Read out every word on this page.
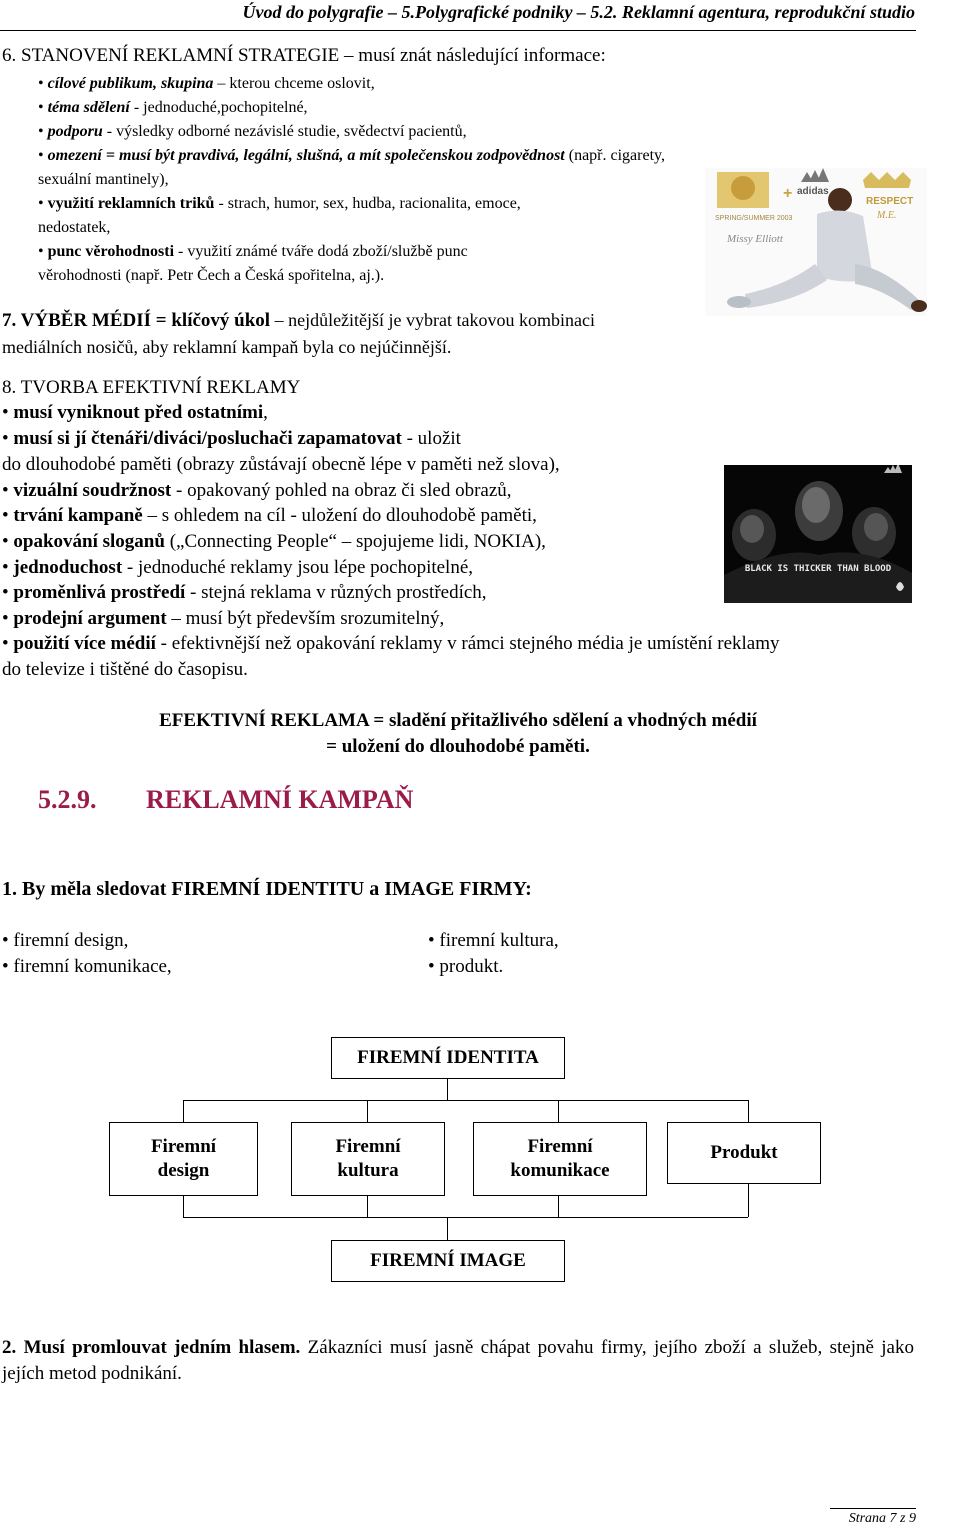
Úvod do polygrafie – 5.Polygrafické podniky – 5.2. Reklamní agentura, reprodukční studio
6. STANOVENÍ REKLAMNÍ STRATEGIE – musí znát následující informace:
• cílové publikum, skupina – kterou chceme oslovit,
• téma sdělení - jednoduché,pochopitelné,
• podporu - výsledky odborné nezávislé studie, svědectví pacientů,
• omezení = musí být pravdivá, legální, slušná, a mít společenskou zodpovědnost (např. cigarety,
sexuální mantinely),
• využití reklamních triků - strach, humor, sex, hudba, racionalita, emoce,
nedostatek,
• punc věrohodnosti - využití známé tváře dodá zboží/službě punc
věrohodnosti (např. Petr Čech a Česká spořitelna, aj.).
SPRING/SUMMER 2003
Missy Elliott
+ adidas
RESPECT
M.E.
7. VÝBĚR MÉDIÍ = klíčový úkol – nejdůležitější je vybrat takovou kombinaci
mediálních nosičů, aby reklamní kampaň byla co nejúčinnější.
8. TVORBA EFEKTIVNÍ REKLAMY
• musí vyniknout před ostatními,
• musí si jí čtenáři/diváci/posluchači zapamatovat - uložit
do dlouhodobé paměti (obrazy zůstávají obecně lépe v paměti než slova),
• vizuální soudržnost - opakovaný pohled na obraz či sled obrazů,
• trvání kampaně – s ohledem na cíl - uložení do dlouhodobě paměti,
• opakování sloganů („Connecting People“ – spojujeme lidi, NOKIA),
• jednoduchost - jednoduché reklamy jsou lépe pochopitelné,
• proměnlivá prostředí - stejná reklama v různých prostředích,
• prodejní argument – musí být především srozumitelný,
• použití více médií - efektivnější než opakování reklamy v rámci stejného média je umístění reklamy
do televize i tištěné do časopisu.
BLACK IS THICKER THAN BLOOD
EFEKTIVNÍ REKLAMA = sladění přitažlivého sdělení a vhodných médií
= uložení do dlouhodobé paměti.
5.2.9. REKLAMNÍ KAMPAŇ
1. By měla sledovat FIREMNÍ IDENTITU a IMAGE FIRMY:
• firemní design,
• firemní komunikace,
• firemní kultura,
• produkt.
FIREMNÍ IDENTITA
Firemní
design
Firemní
kultura
Firemní
komunikace
Produkt
FIREMNÍ IMAGE
2. Musí promlouvat jedním hlasem. Zákazníci musí jasně chápat povahu firmy, jejího zboží a služeb, stejně jako jejích metod podnikání.
Strana 7 z 9
